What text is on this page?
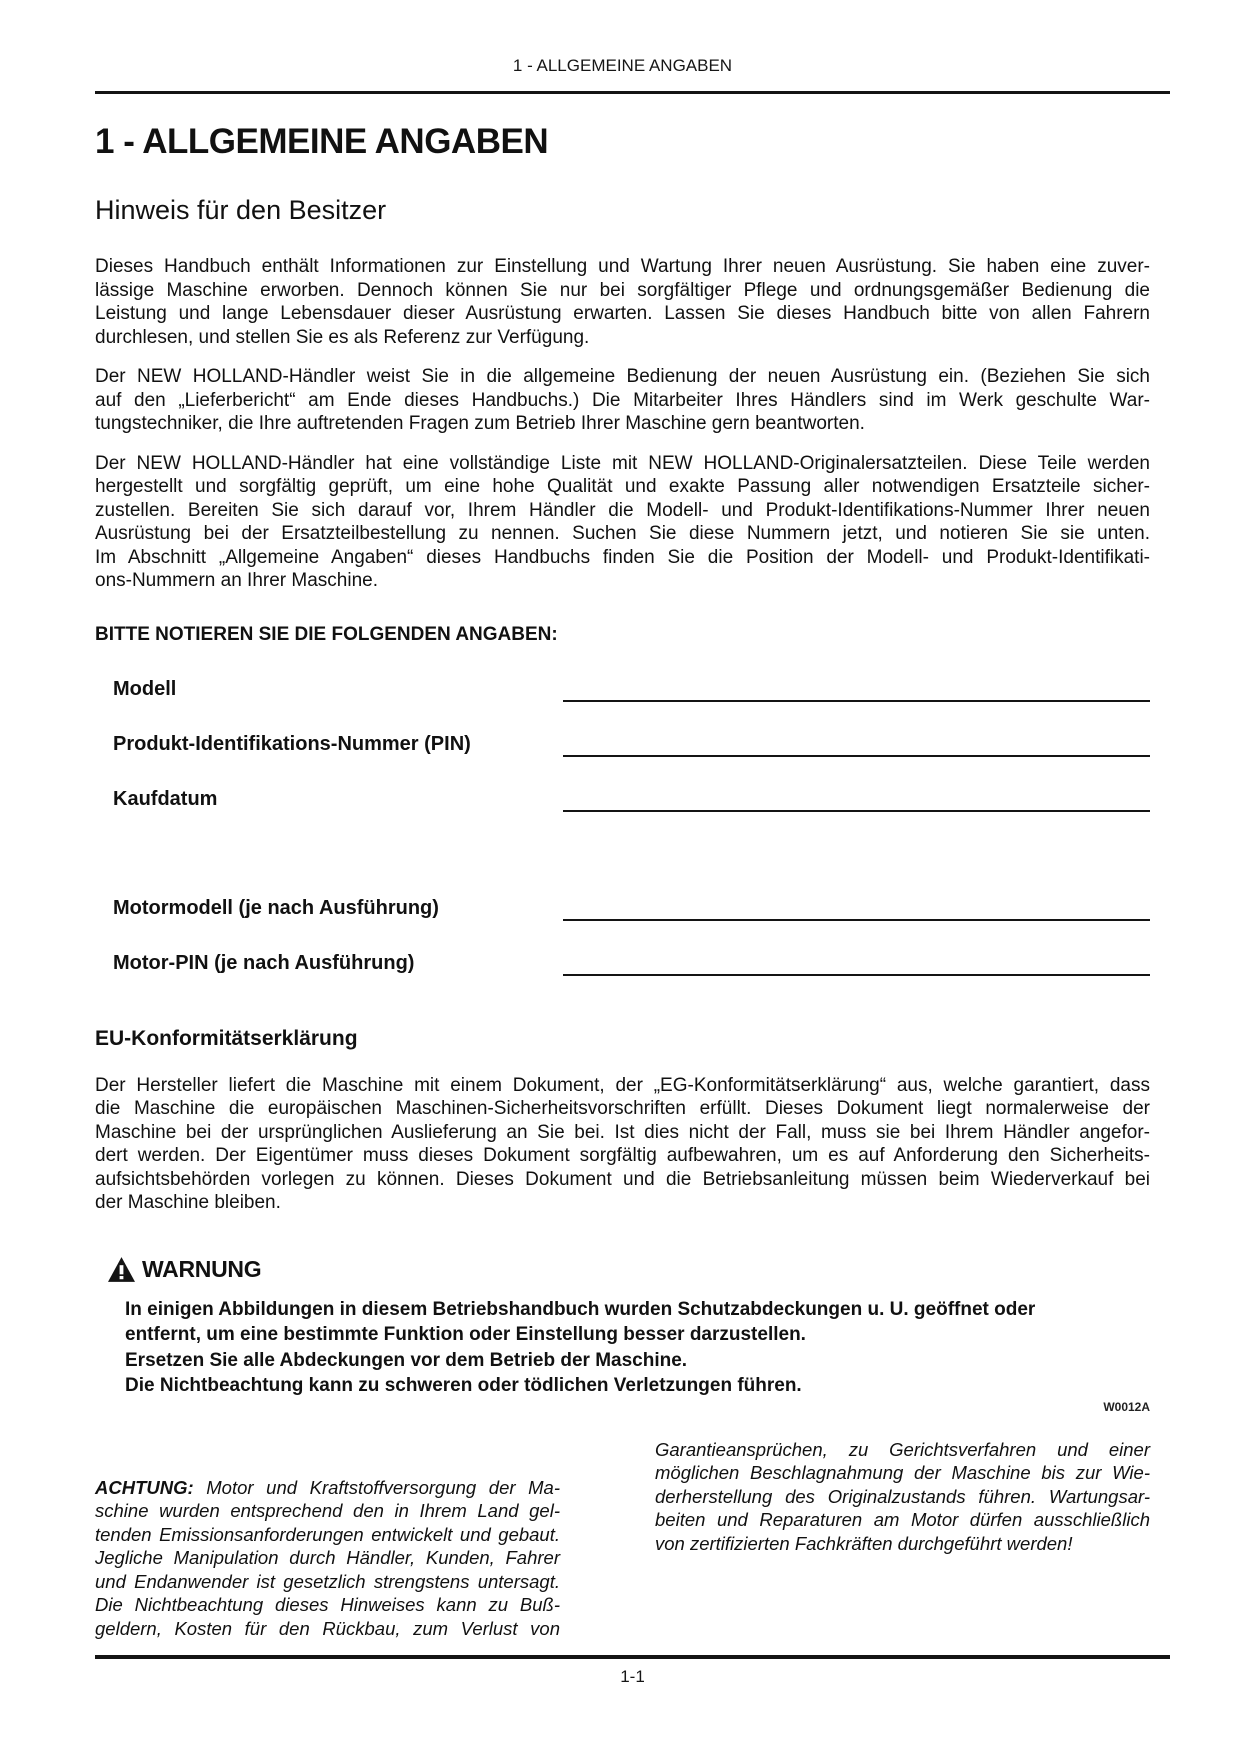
1 - ALLGEMEINE ANGABEN
1 - ALLGEMEINE ANGABEN
Hinweis für den Besitzer
Dieses Handbuch enthält Informationen zur Einstellung und Wartung Ihrer neuen Ausrüstung. Sie haben eine zuver-
lässige Maschine erworben. Dennoch können Sie nur bei sorgfältiger Pflege und ordnungsgemäßer Bedienung die
Leistung und lange Lebensdauer dieser Ausrüstung erwarten. Lassen Sie dieses Handbuch bitte von allen Fahrern
durchlesen, und stellen Sie es als Referenz zur Verfügung.
Der NEW HOLLAND-Händler weist Sie in die allgemeine Bedienung der neuen Ausrüstung ein. (Beziehen Sie sich
auf den „Lieferbericht“ am Ende dieses Handbuchs.) Die Mitarbeiter Ihres Händlers sind im Werk geschulte War-
tungstechniker, die Ihre auftretenden Fragen zum Betrieb Ihrer Maschine gern beantworten.
Der NEW HOLLAND-Händler hat eine vollständige Liste mit NEW HOLLAND-Originalersatzteilen. Diese Teile werden
hergestellt und sorgfältig geprüft, um eine hohe Qualität und exakte Passung aller notwendigen Ersatzteile sicher-
zustellen. Bereiten Sie sich darauf vor, Ihrem Händler die Modell- und Produkt-Identifikations-Nummer Ihrer neuen
Ausrüstung bei der Ersatzteilbestellung zu nennen. Suchen Sie diese Nummern jetzt, und notieren Sie sie unten.
Im Abschnitt „Allgemeine Angaben“ dieses Handbuchs finden Sie die Position der Modell- und Produkt-Identifikati-
ons-Nummern an Ihrer Maschine.
BITTE NOTIEREN SIE DIE FOLGENDEN ANGABEN:
Modell
Produkt-Identifikations-Nummer (PIN)
Kaufdatum
Motormodell (je nach Ausführung)
Motor-PIN (je nach Ausführung)
EU-Konformitätserklärung
Der Hersteller liefert die Maschine mit einem Dokument, der „EG-Konformitätserklärung“ aus, welche garantiert, dass
die Maschine die europäischen Maschinen-Sicherheitsvorschriften erfüllt. Dieses Dokument liegt normalerweise der
Maschine bei der ursprünglichen Auslieferung an Sie bei. Ist dies nicht der Fall, muss sie bei Ihrem Händler angefor-
dert werden. Der Eigentümer muss dieses Dokument sorgfältig aufbewahren, um es auf Anforderung den Sicherheits-
aufsichtsbehörden vorlegen zu können. Dieses Dokument und die Betriebsanleitung müssen beim Wiederverkauf bei
der Maschine bleiben.
WARNUNG
In einigen Abbildungen in diesem Betriebshandbuch wurden Schutzabdeckungen u. U. geöffnet oder
entfernt, um eine bestimmte Funktion oder Einstellung besser darzustellen.
Ersetzen Sie alle Abdeckungen vor dem Betrieb der Maschine.
Die Nichtbeachtung kann zu schweren oder tödlichen Verletzungen führen.
W0012A
ACHTUNG: Motor und Kraftstoffversorgung der Ma-
schine wurden entsprechend den in Ihrem Land gel-
tenden Emissionsanforderungen entwickelt und gebaut.
Jegliche Manipulation durch Händler, Kunden, Fahrer
und Endanwender ist gesetzlich strengstens untersagt.
Die Nichtbeachtung dieses Hinweises kann zu Buß-
geldern, Kosten für den Rückbau, zum Verlust von
Garantieansprüchen, zu Gerichtsverfahren und einer
möglichen Beschlagnahmung der Maschine bis zur Wie-
derherstellung des Originalzustands führen. Wartungsar-
beiten und Reparaturen am Motor dürfen ausschließlich
von zertifizierten Fachkräften durchgeführt werden!
1-1
